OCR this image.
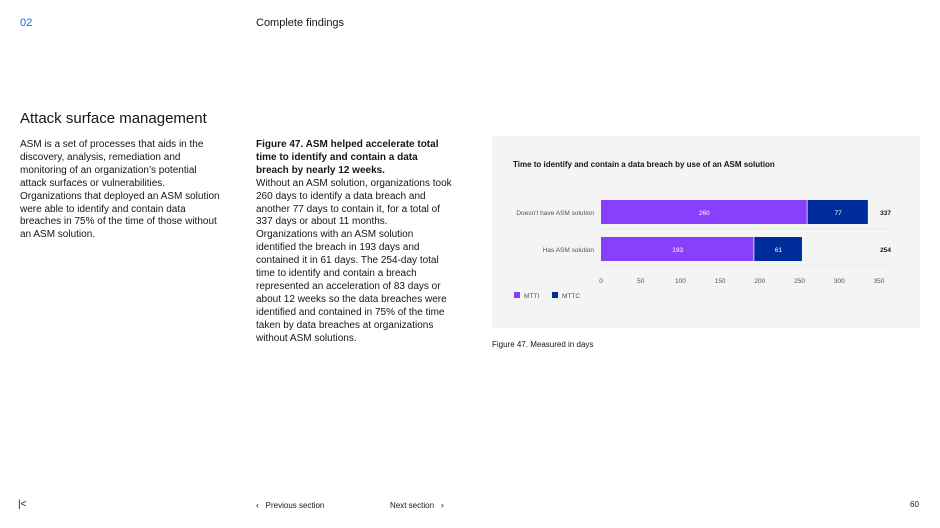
02	Complete findings
Attack surface management
ASM is a set of processes that aids in the discovery, analysis, remediation and monitoring of an organization’s potential attack surfaces or vulnerabilities. Organizations that deployed an ASM solution were able to identify and contain data breaches in 75% of the time of those without an ASM solution.
Figure 47. ASM helped accelerate total time to identify and contain a data breach by nearly 12 weeks.
Without an ASM solution, organizations took 260 days to identify a data breach and another 77 days to contain it, for a total of 337 days or about 11 months. Organizations with an ASM solution identified the breach in 193 days and contained it in 61 days. The 254-day total time to identify and contain a breach represented an acceleration of 83 days or about 12 weeks so the data breaches were identified and contained in 75% of the time taken by data breaches at organizations without ASM solutions.
Time to identify and contain a data breach by use of an ASM solution
Doesn’t have ASM solution	260	77	337
Has ASM solution	193	61	254
0	50	100	150	200	250	300	350
MTTI	MTTC
Figure 47. Measured in days
|<	‹ Previous section	Next section ›	60
